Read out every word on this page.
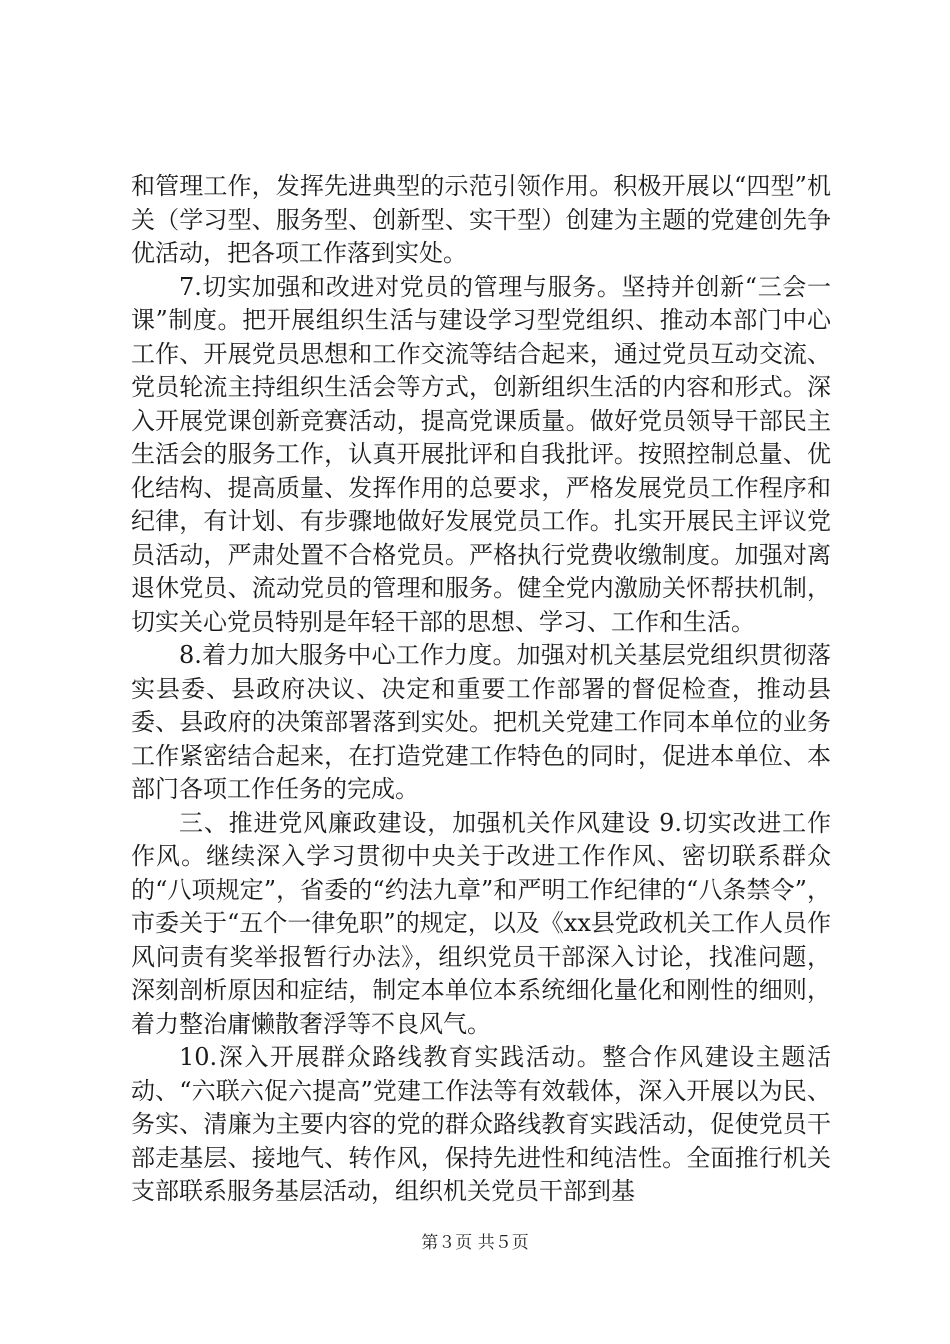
和管理工作，发挥先进典型的示范引领作用。积极开展以“四型”机关（学习型、服务型、创新型、实干型）创建为主题的党建创先争优活动，把各项工作落到实处。

7.切实加强和改进对党员的管理与服务。坚持并创新“三会一课”制度。把开展组织生活与建设学习型党组织、推动本部门中心工作、开展党员思想和工作交流等结合起来，通过党员互动交流、党员轮流主持组织生活会等方式，创新组织生活的内容和形式。深入开展党课创新竞赛活动，提高党课质量。做好党员领导干部民主生活会的服务工作，认真开展批评和自我批评。按照控制总量、优化结构、提高质量、发挥作用的总要求，严格发展党员工作程序和纪律，有计划、有步骤地做好发展党员工作。扎实开展民主评议党员活动，严肃处置不合格党员。严格执行党费收缴制度。加强对离退休党员、流动党员的管理和服务。健全党内激励关怀帮扶机制，切实关心党员特别是年轻干部的思想、学习、工作和生活。

8.着力加大服务中心工作力度。加强对机关基层党组织贯彻落实县委、县政府决议、决定和重要工作部署的督促检查，推动县委、县政府的决策部署落到实处。把机关党建工作同本单位的业务工作紧密结合起来，在打造党建工作特色的同时，促进本单位、本部门各项工作任务的完成。

三、推进党风廉政建设，加强机关作风建设 9.切实改进工作作风。继续深入学习贯彻中央关于改进工作作风、密切联系群众的“八项规定”，省委的“约法九章”和严明工作纪律的“八条禁令”，市委关于“五个一律免职”的规定，以及《xx县党政机关工作人员作风问责有奖举报暂行办法》，组织党员干部深入讨论，找准问题，深刻剖析原因和症结，制定本单位本系统细化量化和刚性的细则，着力整治庸懒散奢浮等不良风气。

10.深入开展群众路线教育实践活动。整合作风建设主题活动、“六联六促六提高”党建工作法等有效载体，深入开展以为民、务实、清廉为主要内容的党的群众路线教育实践活动，促使党员干部走基层、接地气、转作风，保持先进性和纯洁性。全面推行机关支部联系服务基层活动，组织机关党员干部到基

第３页 共５页
